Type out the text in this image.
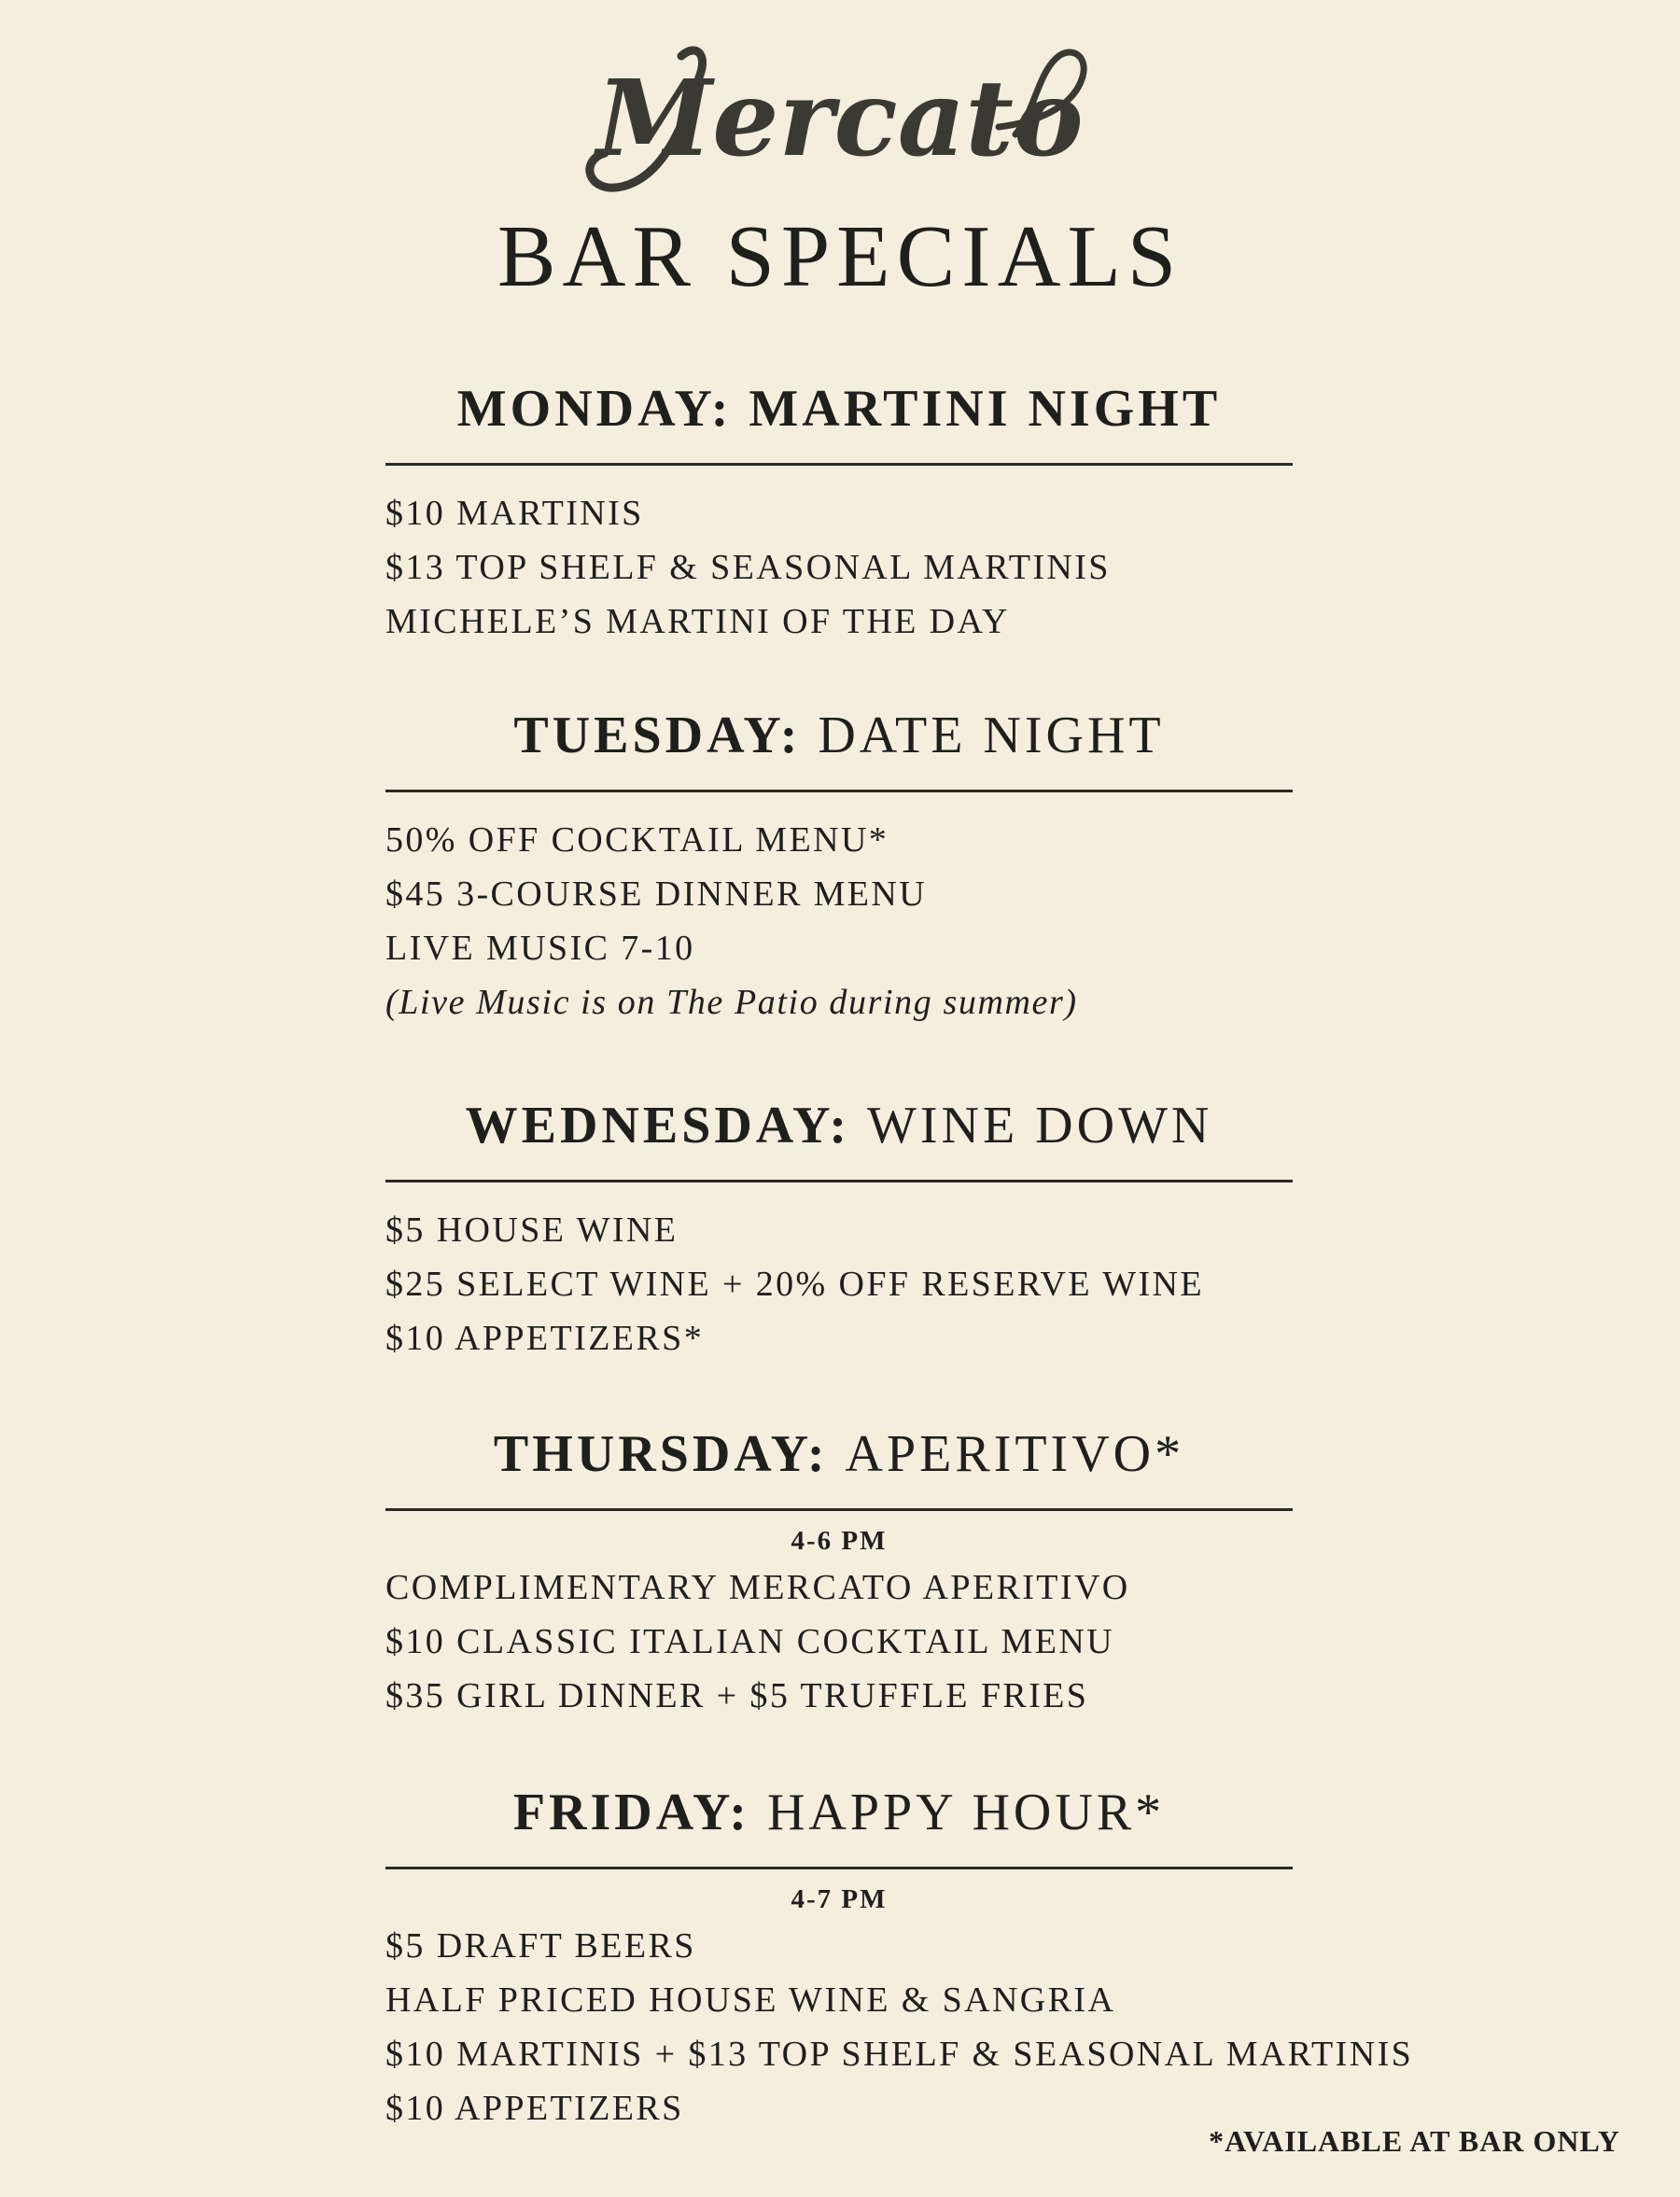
Mercato
BAR SPECIALS
MONDAY: MARTINI NIGHT
$10 MARTINIS
$13 TOP SHELF & SEASONAL MARTINIS
MICHELE’S MARTINI OF THE DAY
TUESDAY: DATE NIGHT
50% OFF COCKTAIL MENU*
$45 3-COURSE DINNER MENU
LIVE MUSIC 7-10
(Live Music is on The Patio during summer)
WEDNESDAY: WINE DOWN
$5 HOUSE WINE
$25 SELECT WINE + 20% OFF RESERVE WINE
$10 APPETIZERS*
THURSDAY: APERITIVO*
4-6 PM
COMPLIMENTARY MERCATO APERITIVO
$10 CLASSIC ITALIAN COCKTAIL MENU
$35 GIRL DINNER + $5 TRUFFLE FRIES
FRIDAY: HAPPY HOUR*
4-7 PM
$5 DRAFT BEERS
HALF PRICED HOUSE WINE & SANGRIA
$10 MARTINIS + $13 TOP SHELF & SEASONAL MARTINIS
$10 APPETIZERS
*AVAILABLE AT BAR ONLY
